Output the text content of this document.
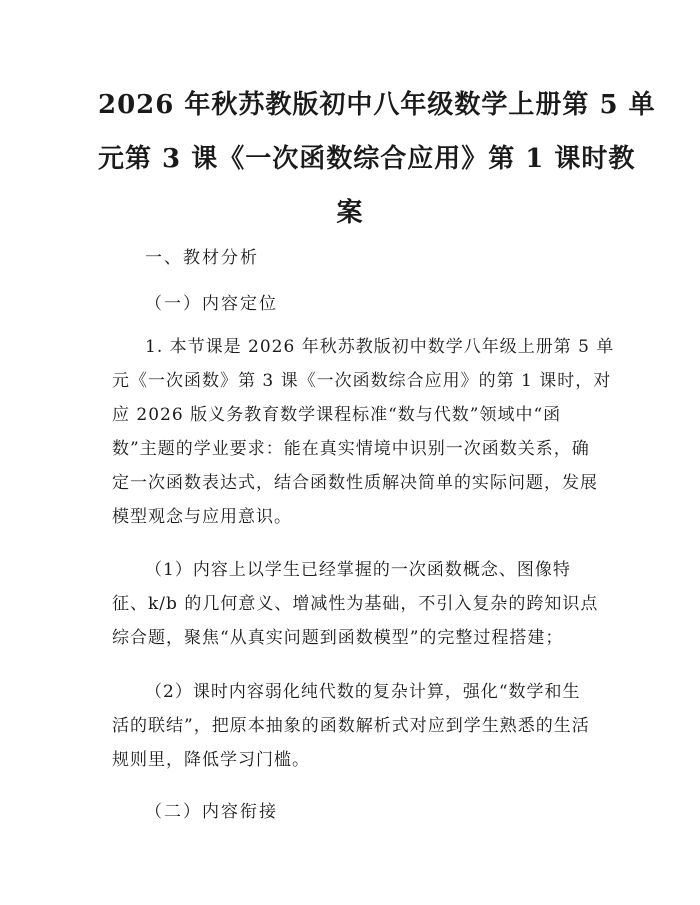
2026 年秋苏教版初中八年级数学上册第 5 单
元第 3 课《一次函数综合应用》第 1 课时教
案
一、教材分析
（一）内容定位
1. 本节课是 2026 年秋苏教版初中数学八年级上册第 5 单
元《一次函数》第 3 课《一次函数综合应用》的第 1 课时，对
应 2026 版义务教育数学课程标准“数与代数”领域中“函
数”主题的学业要求：能在真实情境中识别一次函数关系，确
定一次函数表达式，结合函数性质解决简单的实际问题，发展
模型观念与应用意识。
（1）内容上以学生已经掌握的一次函数概念、图像特
征、k/b 的几何意义、增减性为基础，不引入复杂的跨知识点
综合题，聚焦“从真实问题到函数模型”的完整过程搭建；
（2）课时内容弱化纯代数的复杂计算，强化“数学和生
活的联结”，把原本抽象的函数解析式对应到学生熟悉的生活
规则里，降低学习门槛。
（二）内容衔接
